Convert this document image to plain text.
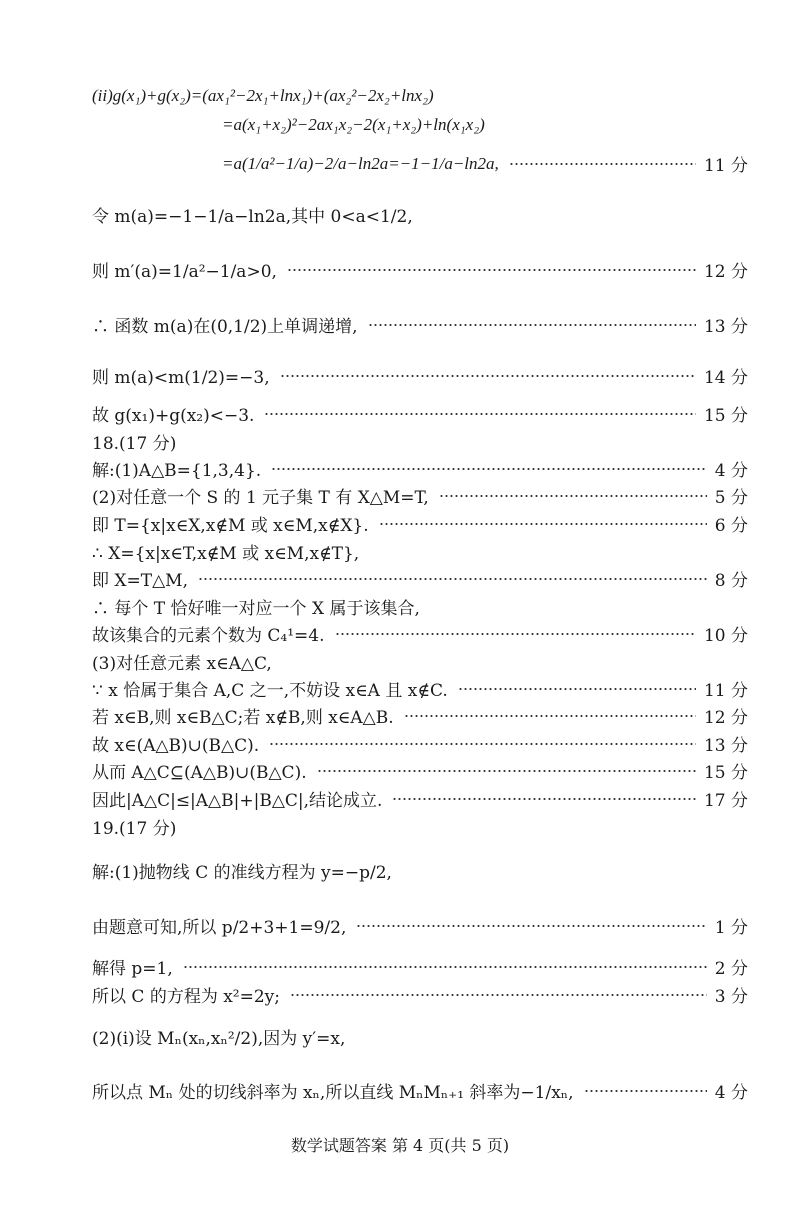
(ii)g(x₁)+g(x₂)=(ax₁²−2x₁+lnx₁)+(ax₂²−2x₂+lnx₂)
=a(x₁+x₂)²−2ax₁x₂−2(x₁+x₂)+ln(x₁x₂)
=a(1/a²−1/a)−2/a−ln2a=−1−1/a−ln2a,	11 分
令 m(a)=−1−1/a−ln2a,其中 0<a<1/2,
则 m′(a)=1/a²−1/a>0,	12 分
∴ 函数 m(a)在(0,1/2)上单调递增,	13 分
则 m(a)<m(1/2)=−3,	14 分
故 g(x₁)+g(x₂)<−3.	15 分
18.(17 分)
解:(1)A△B={1,3,4}.	4 分
(2)对任意一个 S 的 1 元子集 T 有 X△M=T,	5 分
即 T={x|x∈X,x∉M 或 x∈M,x∉X}.	6 分
∴ X={x|x∈T,x∉M 或 x∈M,x∉T},
即 X=T△M,	8 分
∴ 每个 T 恰好唯一对应一个 X 属于该集合,
故该集合的元素个数为 C₄¹=4.	10 分
(3)对任意元素 x∈A△C,
∵ x 恰属于集合 A,C 之一,不妨设 x∈A 且 x∉C.	11 分
若 x∈B,则 x∈B△C;若 x∉B,则 x∈A△B.	12 分
故 x∈(A△B)∪(B△C).	13 分
从而 A△C⊆(A△B)∪(B△C).	15 分
因此|A△C|≤|A△B|+|B△C|,结论成立.	17 分
19.(17 分)
解:(1)抛物线 C 的准线方程为 y=−p/2,
由题意可知,所以 p/2+3+1=9/2,	1 分
解得 p=1,	2 分
所以 C 的方程为 x²=2y;	3 分
(2)(i)设 Mₙ(xₙ,xₙ²/2),因为 y′=x,
所以点 Mₙ 处的切线斜率为 xₙ,所以直线 MₙMₙ₊₁ 斜率为−1/xₙ,	4 分
数学试题答案 第 4 页(共 5 页)
